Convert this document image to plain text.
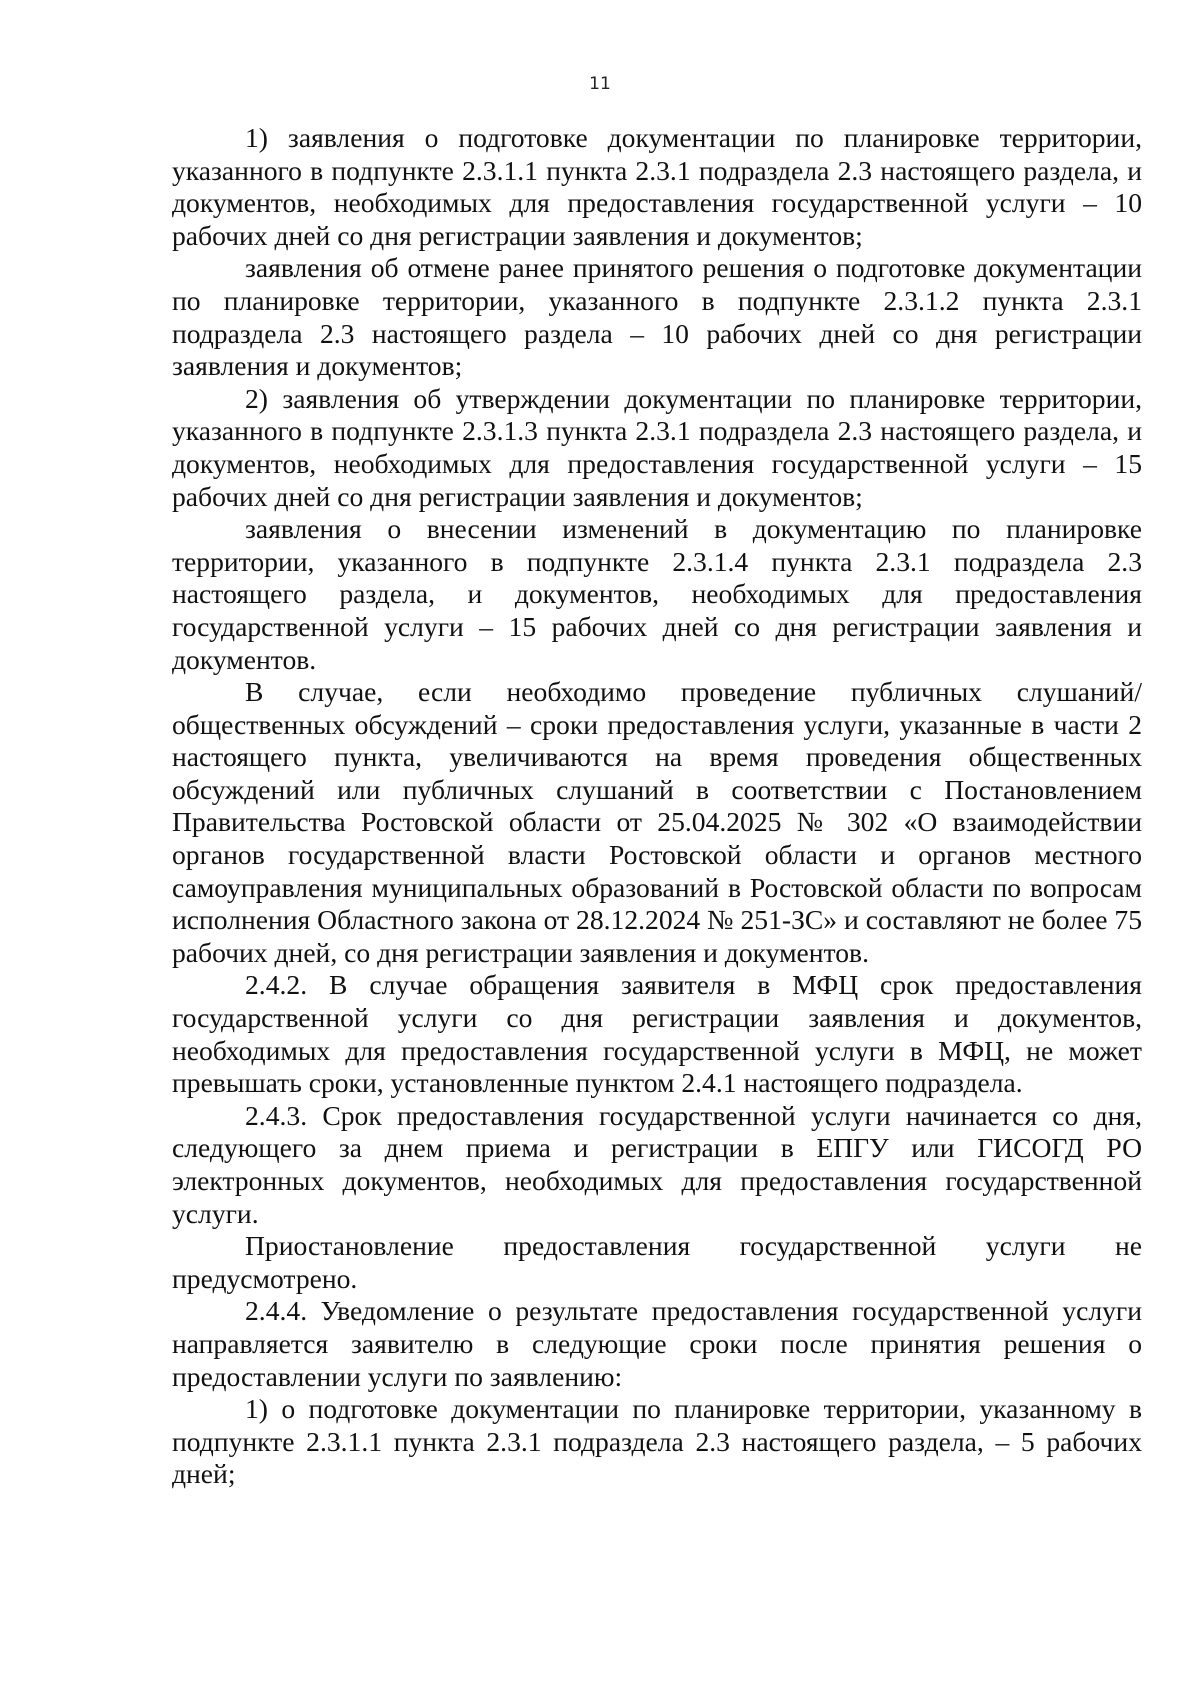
11

1) заявления о подготовке документации по планировке территории, указанного в подпункте 2.3.1.1 пункта 2.3.1 подраздела 2.3 настоящего раздела, и документов, необходимых для предоставления государственной услуги – 10 рабочих дней со дня регистрации заявления и документов;

заявления об отмене ранее принятого решения о подготовке документации по планировке территории, указанного в подпункте 2.3.1.2 пункта 2.3.1 подраздела 2.3 настоящего раздела – 10 рабочих дней со дня регистрации заявления и документов;

2) заявления об утверждении документации по планировке территории, указанного в подпункте 2.3.1.3 пункта 2.3.1 подраздела 2.3 настоящего раздела, и документов, необходимых для предоставления государственной услуги – 15 рабочих дней со дня регистрации заявления и документов;

заявления о внесении изменений в документацию по планировке территории, указанного в подпункте 2.3.1.4 пункта 2.3.1 подраздела 2.3 настоящего раздела, и документов, необходимых для предоставления государственной услуги – 15 рабочих дней со дня регистрации заявления и документов.

В случае, если необходимо проведение публичных слушаний/общественных обсуждений – сроки предоставления услуги, указанные в части 2 настоящего пункта, увеличиваются на время проведения общественных обсуждений или публичных слушаний в соответствии с Постановлением Правительства Ростовской области от 25.04.2025 № 302 «О взаимодействии органов государственной власти Ростовской области и органов местного самоуправления муниципальных образований в Ростовской области по вопросам исполнения Областного закона от 28.12.2024 № 251-ЗС» и составляют не более 75 рабочих дней, со дня регистрации заявления и документов.

2.4.2. В случае обращения заявителя в МФЦ срок предоставления государственной услуги со дня регистрации заявления и документов, необходимых для предоставления государственной услуги в МФЦ, не может превышать сроки, установленные пунктом 2.4.1 настоящего подраздела.

2.4.3. Срок предоставления государственной услуги начинается со дня, следующего за днем приема и регистрации в ЕПГУ или ГИСОГД РО электронных документов, необходимых для предоставления государственной услуги.

Приостановление предоставления государственной услуги не предусмотрено.

2.4.4. Уведомление о результате предоставления государственной услуги направляется заявителю в следующие сроки после принятия решения о предоставлении услуги по заявлению:

1) о подготовке документации по планировке территории, указанному в подпункте 2.3.1.1 пункта 2.3.1 подраздела 2.3 настоящего раздела, – 5 рабочих дней;
